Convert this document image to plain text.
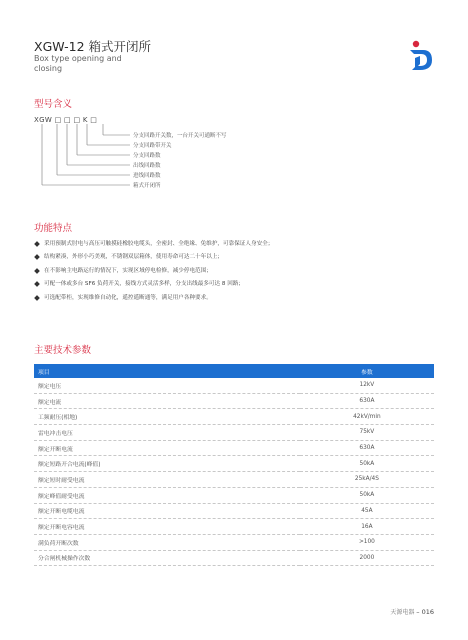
XGW-12 箱式开闭所
Box type opening and closing
型号含义
XGW □ □ □ K □
分支回路开关数，一台开关可通断不写
分支回路带开关
分支回路数
出线回路数
进线回路数
箱式开闭所
功能特点
采用预制式肘电与高压可触摸硅橡胶电缆头，全密封、全绝缘、免维护，可靠保证人身安全；
结构紧凑，外形小巧美观，不锈钢双层箱体，使用寿命可达二十年以上；
在不影响主电路运行的情况下，实现区域停电检修，减少停电范围；
可配一体或多台 SF6 负荷开关，接线方式灵活多样，分支出线最多可达 8 回路；
可选配带柜，实现维修自动化，遥控遥断通等，满足用户各种要求。
主要技术参数
项目	参数
额定电压	12kV
额定电流	630A
工频耐压(相地)	42kV/min
雷电冲击电压	75kV
额定开断电流	630A
额定短路开合电流(峰值)	50kA
额定短时耐受电流	25kA/4S
额定峰值耐受电流	50kA
额定开断电缆电流	45A
额定开断电容电流	16A
满负荷开断次数	>100
分合闸机械操作次数	2000
天源电器 – 016
